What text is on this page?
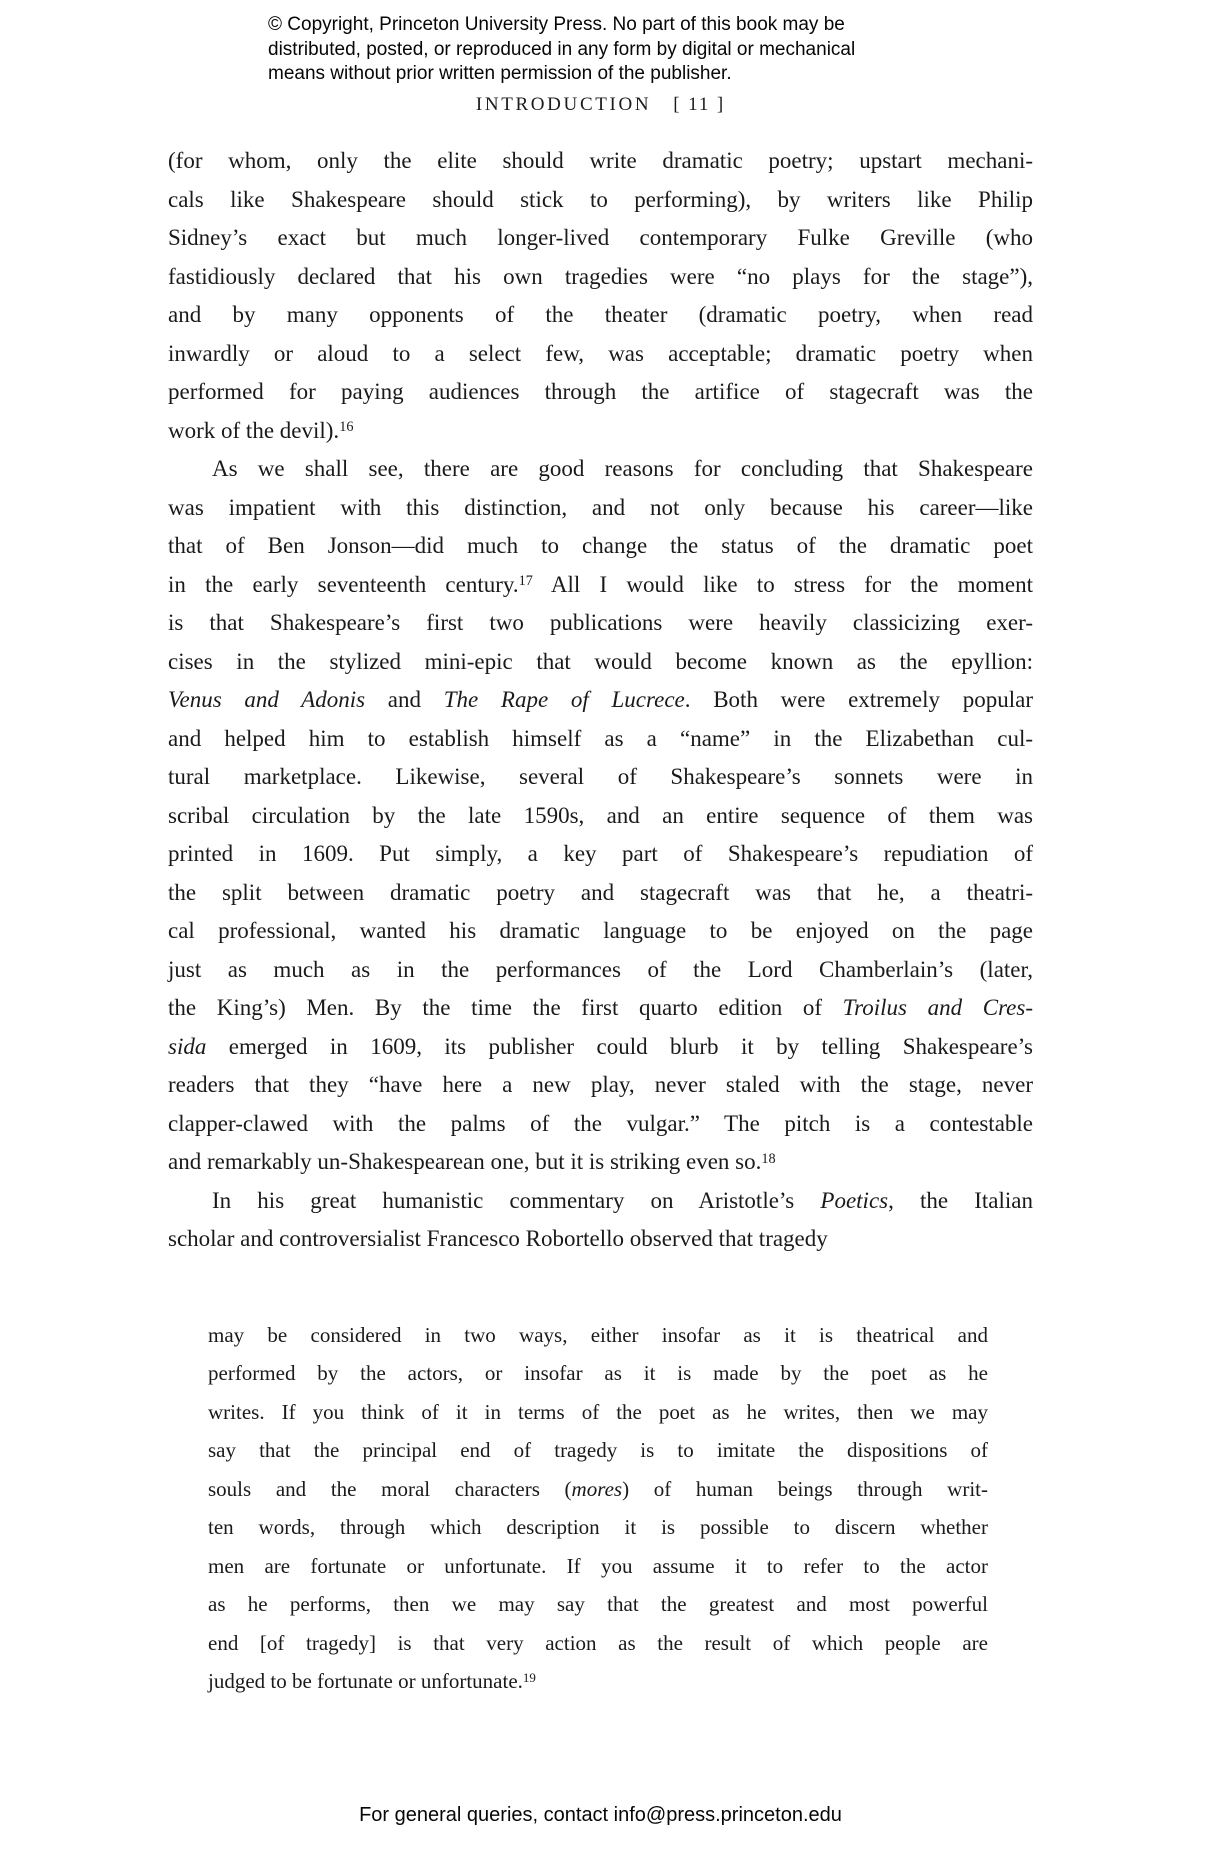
© Copyright, Princeton University Press. No part of this book may be
distributed, posted, or reproduced in any form by digital or mechanical
means without prior written permission of the publisher.
INTRODUCTION [ 11 ]
(for whom, only the elite should write dramatic poetry; upstart mechani-
cals like Shakespeare should stick to performing), by writers like Philip
Sidney’s exact but much longer-lived contemporary Fulke Greville (who
fastidiously declared that his own tragedies were “no plays for the stage”),
and by many opponents of the theater (dramatic poetry, when read
inwardly or aloud to a select few, was acceptable; dramatic poetry when
performed for paying audiences through the artifice of stagecraft was the
work of the devil).$^{16}$
As we shall see, there are good reasons for concluding that Shakespeare
was impatient with this distinction, and not only because his career—like
that of Ben Jonson—did much to change the status of the dramatic poet
in the early seventeenth century.$^{17}$ All I would like to stress for the moment
is that Shakespeare’s first two publications were heavily classicizing exer-
cises in the stylized mini-epic that would become known as the epyllion:
Venus and Adonis and The Rape of Lucrece. Both were extremely popular
and helped him to establish himself as a “name” in the Elizabethan cul-
tural marketplace. Likewise, several of Shakespeare’s sonnets were in
scribal circulation by the late 1590s, and an entire sequence of them was
printed in 1609. Put simply, a key part of Shakespeare’s repudiation of
the split between dramatic poetry and stagecraft was that he, a theatri-
cal professional, wanted his dramatic language to be enjoyed on the page
just as much as in the performances of the Lord Chamberlain’s (later,
the King’s) Men. By the time the first quarto edition of Troilus and Cres-
sida emerged in 1609, its publisher could blurb it by telling Shakespeare’s
readers that they “have here a new play, never staled with the stage, never
clapper-clawed with the palms of the vulgar.” The pitch is a contestable
and remarkably un-Shakespearean one, but it is striking even so.$^{18}$
In his great humanistic commentary on Aristotle’s Poetics, the Italian
scholar and controversialist Francesco Robortello observed that tragedy
may be considered in two ways, either insofar as it is theatrical and
performed by the actors, or insofar as it is made by the poet as he
writes. If you think of it in terms of the poet as he writes, then we may
say that the principal end of tragedy is to imitate the dispositions of
souls and the moral characters (mores) of human beings through writ-
ten words, through which description it is possible to discern whether
men are fortunate or unfortunate. If you assume it to refer to the actor
as he performs, then we may say that the greatest and most powerful
end [of tragedy] is that very action as the result of which people are
judged to be fortunate or unfortunate.$^{19}$
For general queries, contact info@press.princeton.edu
